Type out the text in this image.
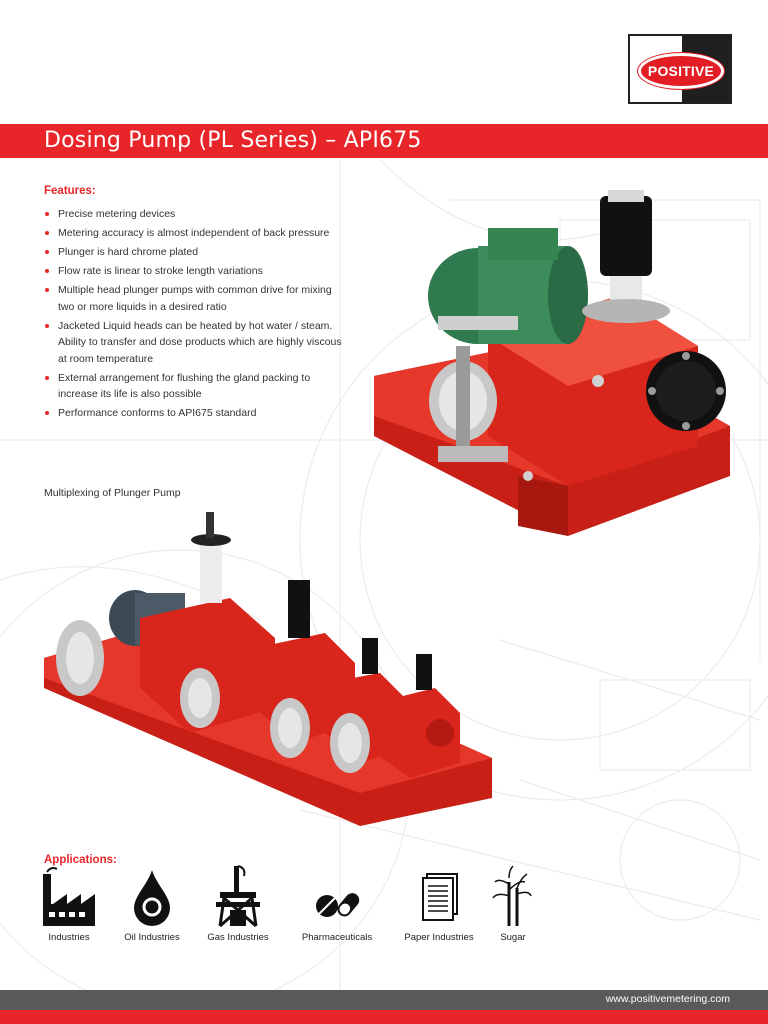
POSITIVE
Dosing Pump (PL Series) – API675
Features:
Precise metering devices
Metering accuracy is almost independent of back pressure
Plunger is hard chrome plated
Flow rate is linear to stroke length variations
Multiple head plunger pumps with common drive for mixing two or more liquids in a desired ratio
Jacketed Liquid heads can be heated by hot water / steam. Ability to transfer and dose products which are highly viscous at room temperature
External arrangement for flushing the gland packing to increase its life is also possible
Performance conforms to API675 standard
Multiplexing of Plunger Pump
Applications:
Industries	Oil Industries	Gas Industries	Pharmaceuticals	Paper Industries	Sugar
www.positivemetering.com
